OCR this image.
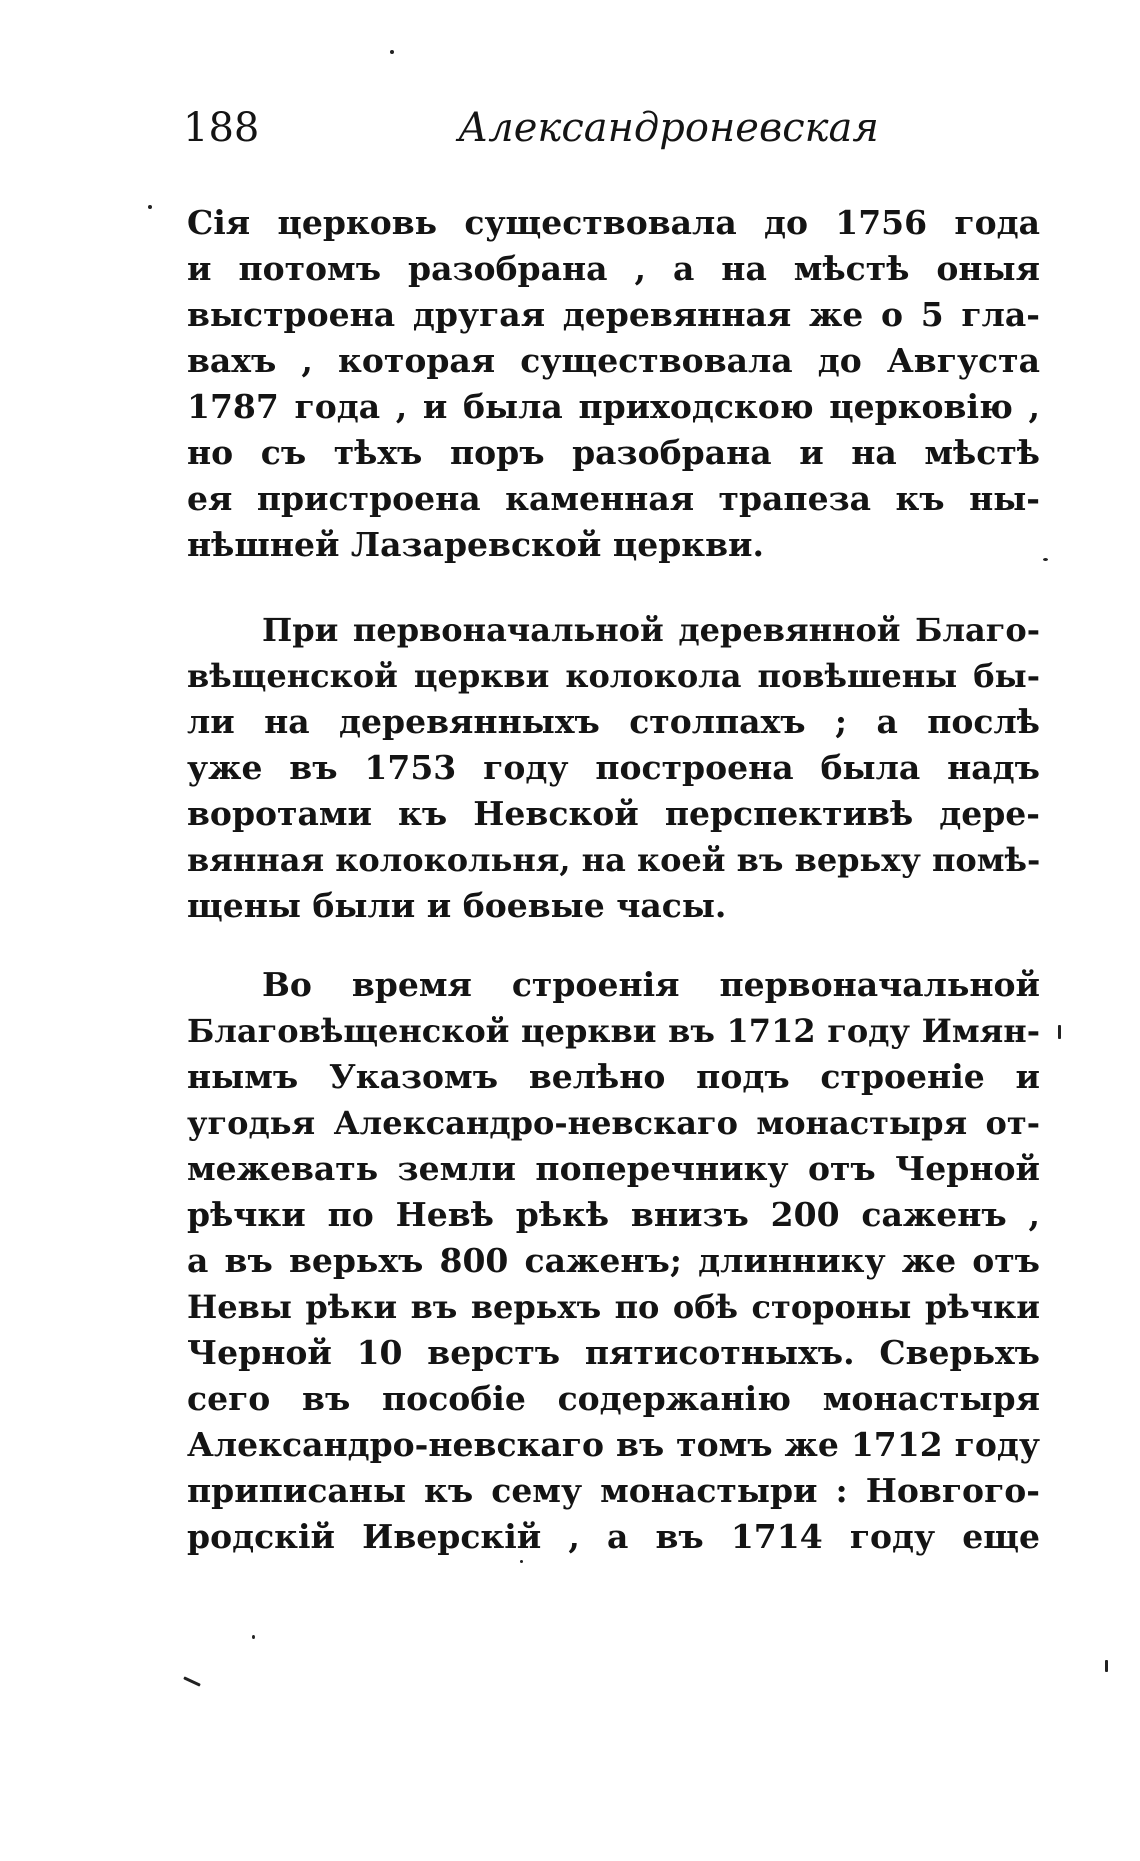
188	Александроневская
Сія церковь существовала до 1756 года
и потомъ разобрана , а на мѣстѣ оныя
выстроена другая деревянная же о 5 гла-
вахъ , которая существовала до Августа
1787 года , и была приходскою церковію ,
но съ тѣхъ поръ разобрана и на мѣстѣ
ея пристроена каменная трапеза къ ны-
нѣшней Лазаревской церкви.
При первоначальной деревянной Благо-
вѣщенской церкви колокола повѣшены бы-
ли на деревянныхъ столпахъ ; а послѣ
уже въ 1753 году построена была надъ
воротами къ Невской перспективѣ дере-
вянная колокольня, на коей въ верьху помѣ-
щены были и боевые часы.
Во время строенія первоначальной
Благовѣщенской церкви въ 1712 году Имян-
нымъ Указомъ велѣно подъ строеніе и
угодья Александро-невскаго монастыря от-
межевать земли поперечнику отъ Черной
рѣчки по Невѣ рѣкѣ внизъ 200 саженъ ,
а въ верьхъ 800 саженъ; длиннику же отъ
Невы рѣки въ верьхъ по обѣ стороны рѣчки
Черной 10 верстъ пятисотныхъ. Сверьхъ
сего въ пособіе содержанію монастыря
Александро-невскаго въ томъ же 1712 году
приписаны къ сему монастыри : Новгого-
родскій Иверскій , а въ 1714 году еще
